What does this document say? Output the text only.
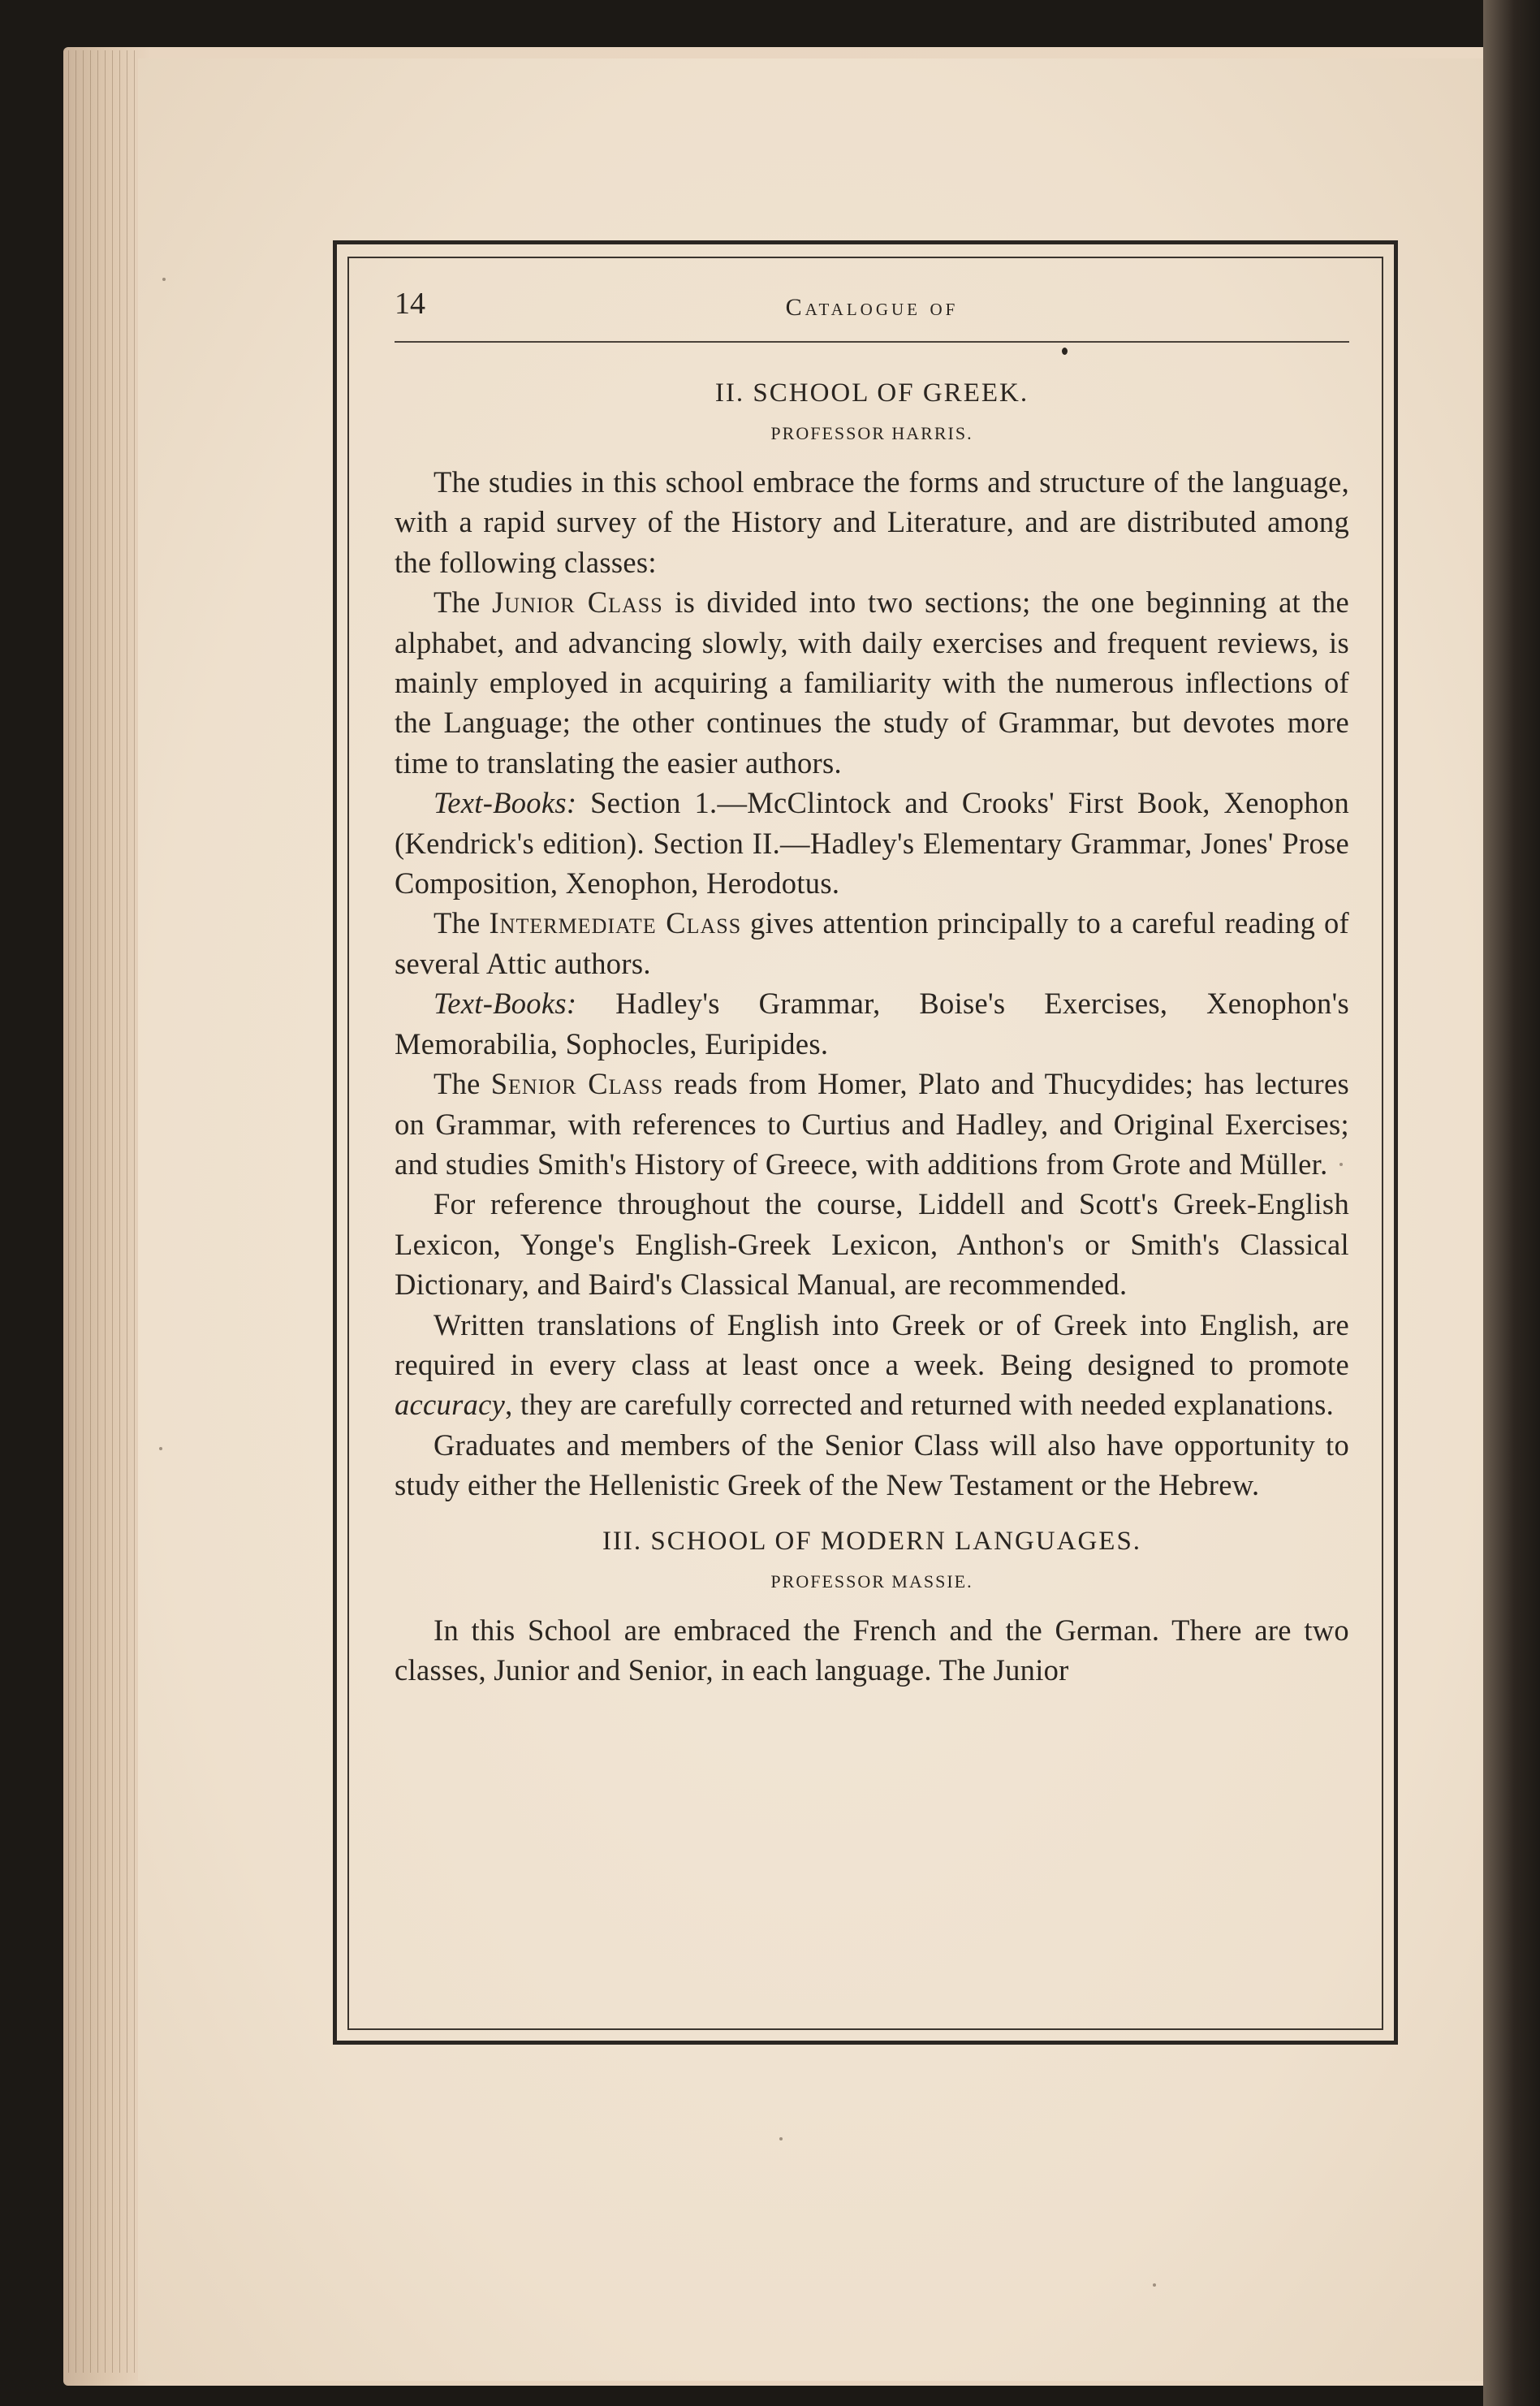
14	Catalogue of
II. SCHOOL OF GREEK.
PROFESSOR HARRIS.

The studies in this school embrace the forms and structure of the language, with a rapid survey of the History and Literature, and are distributed among the following classes:

The Junior Class is divided into two sections; the one beginning at the alphabet, and advancing slowly, with daily exercises and frequent reviews, is mainly employed in acquiring a familiarity with the numerous inflections of the Language; the other continues the study of Grammar, but devotes more time to translating the easier authors.

Text-Books: Section 1.—McClintock and Crooks' First Book, Xenophon (Kendrick's edition). Section II.—Hadley's Elementary Grammar, Jones' Prose Composition, Xenophon, Herodotus.

The Intermediate Class gives attention principally to a careful reading of several Attic authors.

Text-Books: Hadley's Grammar, Boise's Exercises, Xenophon's Memorabilia, Sophocles, Euripides.

The Senior Class reads from Homer, Plato and Thucydides; has lectures on Grammar, with references to Curtius and Hadley, and Original Exercises; and studies Smith's History of Greece, with additions from Grote and Müller.

For reference throughout the course, Liddell and Scott's Greek-English Lexicon, Yonge's English-Greek Lexicon, Anthon's or Smith's Classical Dictionary, and Baird's Classical Manual, are recommended.

Written translations of English into Greek or of Greek into English, are required in every class at least once a week. Being designed to promote accuracy, they are carefully corrected and returned with needed explanations.

Graduates and members of the Senior Class will also have opportunity to study either the Hellenistic Greek of the New Testament or the Hebrew.

III. SCHOOL OF MODERN LANGUAGES.
PROFESSOR MASSIE.

In this School are embraced the French and the German. There are two classes, Junior and Senior, in each language. The Junior
